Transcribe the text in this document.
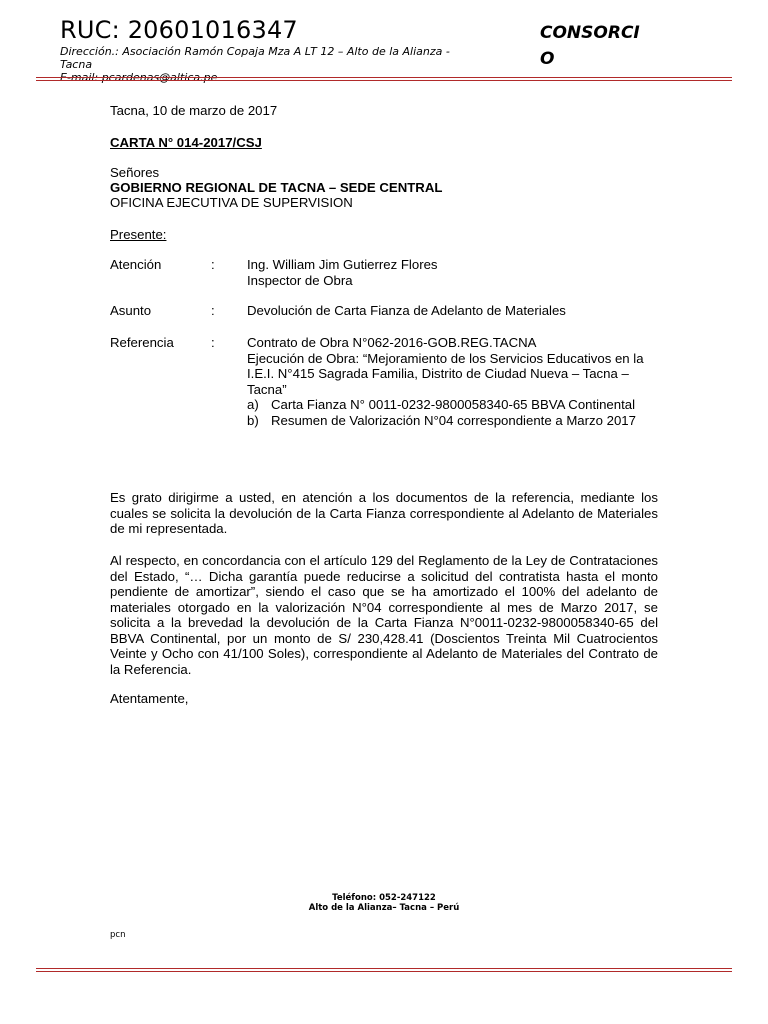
RUC: 20601016347
Dirección.: Asociación Ramón Copaja Mza A LT 12 – Alto de la Alianza -Tacna
E-mail: pcardenas@altica.pe
CONSORCI
O
Tacna, 10 de marzo de 2017
CARTA N° 014-2017/CSJ
Señores
GOBIERNO REGIONAL DE TACNA – SEDE CENTRAL
OFICINA EJECUTIVA DE SUPERVISION
Presente:
Atención	: Ing. William Jim Gutierrez Flores
Inspector de Obra
Asunto	: Devolución de Carta Fianza de Adelanto de Materiales
Referencia	: Contrato de Obra N°062-2016-GOB.REG.TACNA
Ejecución de Obra: “Mejoramiento de los Servicios Educativos en la I.E.I. N°415 Sagrada Familia, Distrito de Ciudad Nueva – Tacna – Tacna”
a) Carta Fianza N° 0011-0232-9800058340-65 BBVA Continental
b) Resumen de Valorización N°04 correspondiente a Marzo 2017
Es grato dirigirme a usted, en atención a los documentos de la referencia, mediante los cuales se solicita la devolución de la Carta Fianza correspondiente al Adelanto de Materiales de mi representada.
Al respecto, en concordancia con el artículo 129 del Reglamento de la Ley de Contrataciones del Estado, “… Dicha garantía puede reducirse a solicitud del contratista hasta el monto pendiente de amortizar”, siendo el caso que se ha amortizado el 100% del adelanto de materiales otorgado en la valorización N°04 correspondiente al mes de Marzo 2017, se solicita a la brevedad la devolución de la Carta Fianza N°0011-0232-9800058340-65 del BBVA Continental, por un monto de S/ 230,428.41 (Doscientos Treinta Mil Cuatrocientos Veinte y Ocho con 41/100 Soles), correspondiente al Adelanto de Materiales del Contrato de la Referencia.
Atentamente,
Teléfono: 052-247122
Alto de la Alianza– Tacna – Perú
pcn
